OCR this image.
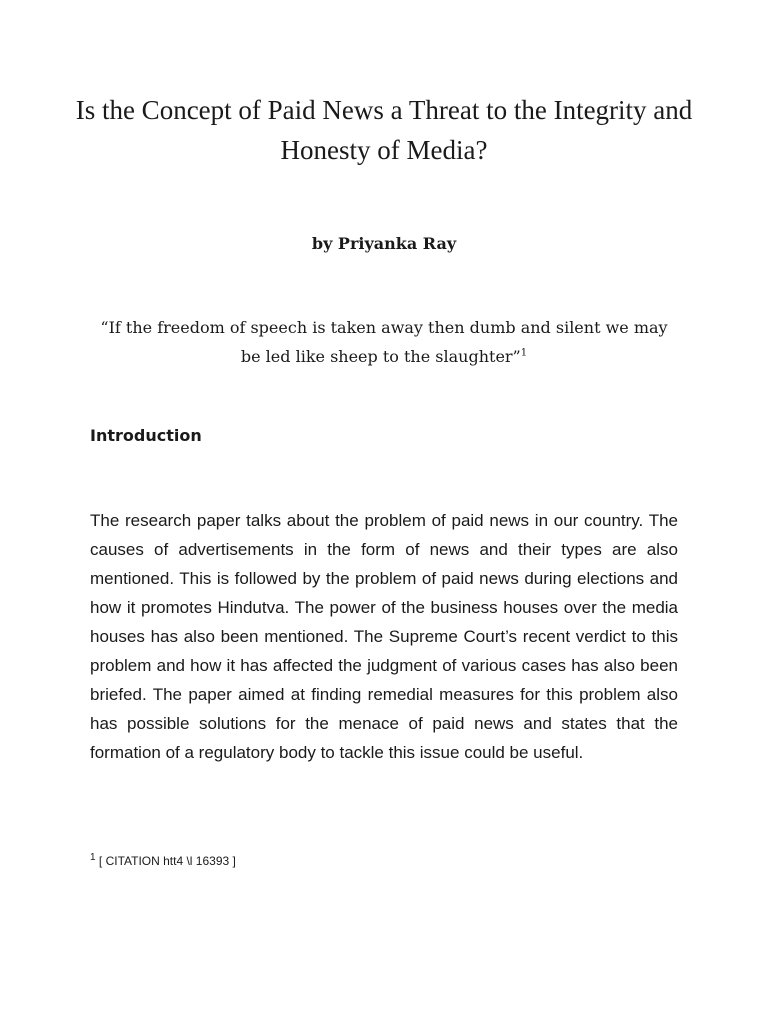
Is the Concept of Paid News a Threat to the Integrity and Honesty of Media?

by Priyanka Ray

“If the freedom of speech is taken away then dumb and silent we may be led like sheep to the slaughter”$^1$

Introduction

The research paper talks about the problem of paid news in our country. The causes of advertisements in the form of news and their types are also mentioned. This is followed by the problem of paid news during elections and how it promotes Hindutva. The power of the business houses over the media houses has also been mentioned. The Supreme Court’s recent verdict to this problem and how it has affected the judgment of various cases has also been briefed. The paper aimed at finding remedial measures for this problem also has possible solutions for the menace of paid news and states that the formation of a regulatory body to tackle this issue could be useful.

$^1$ [ CITATION htt4 \l 16393 ]
